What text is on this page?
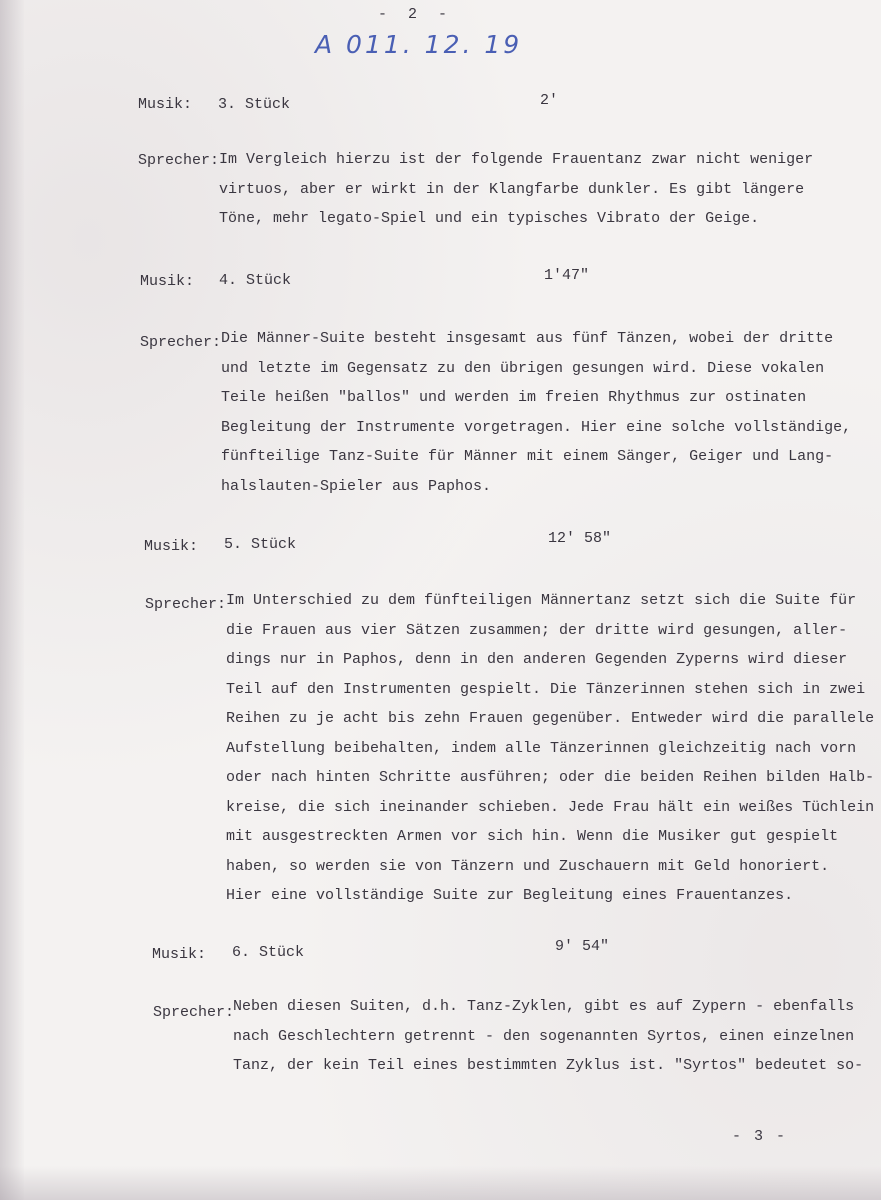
- 2 -
A 011. 12. 19
Musik: 3. Stück	2'
Sprecher: Im Vergleich hierzu ist der folgende Frauentanz zwar nicht weniger
virtuos, aber er wirkt in der Klangfarbe dunkler. Es gibt längere
Töne, mehr legato-Spiel und ein typisches Vibrato der Geige.
Musik: 4. Stück	1'47"
Sprecher: Die Männer-Suite besteht insgesamt aus fünf Tänzen, wobei der dritte
und letzte im Gegensatz zu den übrigen gesungen wird. Diese vokalen
Teile heißen "ballos" und werden im freien Rhythmus zur ostinaten
Begleitung der Instrumente vorgetragen. Hier eine solche vollständige,
fünfteilige Tanz-Suite für Männer mit einem Sänger, Geiger und Lang-
halslauten-Spieler aus Paphos.
Musik: 5. Stück	12' 58"
Sprecher: Im Unterschied zu dem fünfteiligen Männertanz setzt sich die Suite für
die Frauen aus vier Sätzen zusammen; der dritte wird gesungen, aller-
dings nur in Paphos, denn in den anderen Gegenden Zyperns wird dieser
Teil auf den Instrumenten gespielt. Die Tänzerinnen stehen sich in zwei
Reihen zu je acht bis zehn Frauen gegenüber. Entweder wird die parallele
Aufstellung beibehalten, indem alle Tänzerinnen gleichzeitig nach vorn
oder nach hinten Schritte ausführen; oder die beiden Reihen bilden Halb-
kreise, die sich ineinander schieben. Jede Frau hält ein weißes Tüchlein
mit ausgestreckten Armen vor sich hin. Wenn die Musiker gut gespielt
haben, so werden sie von Tänzern und Zuschauern mit Geld honoriert.
Hier eine vollständige Suite zur Begleitung eines Frauentanzes.
Musik: 6. Stück	9' 54"
Sprecher:
Neben diesen Suiten, d.h. Tanz-Zyklen, gibt es auf Zypern - ebenfalls
nach Geschlechtern getrennt - den sogenannten Syrtos, einen einzelnen
Tanz, der kein Teil eines bestimmten Zyklus ist. "Syrtos" bedeutet so-
- 3 -
